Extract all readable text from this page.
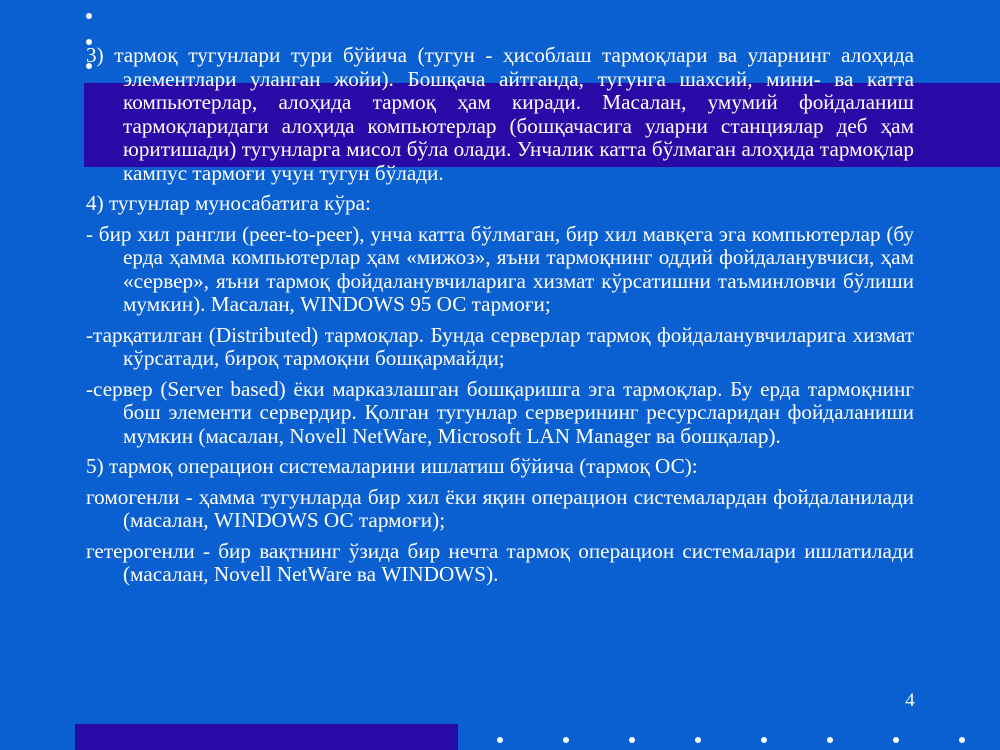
3) тармоқ тугунлари тури бўйича (тугун - ҳисоблаш тармоқлари ва уларнинг алоҳида элементлари уланган жойи). Бошқача айтганда, тугунга шахсий, мини- ва катта компьютерлар, алоҳида тармоқ ҳам киради. Масалан, умумий фойдаланиш тармоқларидаги алоҳида компьютерлар (бошқачасига уларни станциялар деб ҳам юритишади) тугунларга мисол бўла олади. Унчалик катта бўлмаган алоҳида тармоқлар кампус тармоғи учун тугун бўлади.

4) тугунлар муносабатига кўра:

- бир хил рангли (peer-to-peer), унча катта бўлмаган, бир хил мавқега эга компьютерлар (бу ерда ҳамма компьютерлар ҳам «мижоз», яъни тармоқнинг оддий фойдаланувчиси, ҳам «сервер», яъни тармоқ фойдаланувчиларига хизмат кўрсатишни таъминловчи бўлиши мумкин). Масалан, WINDOWS 95 ОС тармоғи;

-тарқатилган (Distributed) тармоқлар. Бунда серверлар тармоқ фойдаланувчиларига хизмат кўрсатади, бироқ тармоқни бошқармайди;

-сервер (Server based) ёки марказлашган бошқаришга эга тармоқлар. Бу ерда тармоқнинг бош элементи сервердир. Қолган тугунлар серверининг ресурсларидан фойдаланиши мумкин (масалан, Novell NetWare, Microsoft LAN Manager ва бошқалар).

5) тармоқ операцион системаларини ишлатиш бўйича (тармоқ ОС):

гомогенли - ҳамма тугунларда бир хил ёки яқин операцион системалардан фойдаланилади (масалан, WINDOWS ОС тармоғи);

гетерогенли - бир вақтнинг ўзида бир нечта тармоқ операцион системалари ишлатилади (масалан, Novell NetWare ва WINDOWS).

4
